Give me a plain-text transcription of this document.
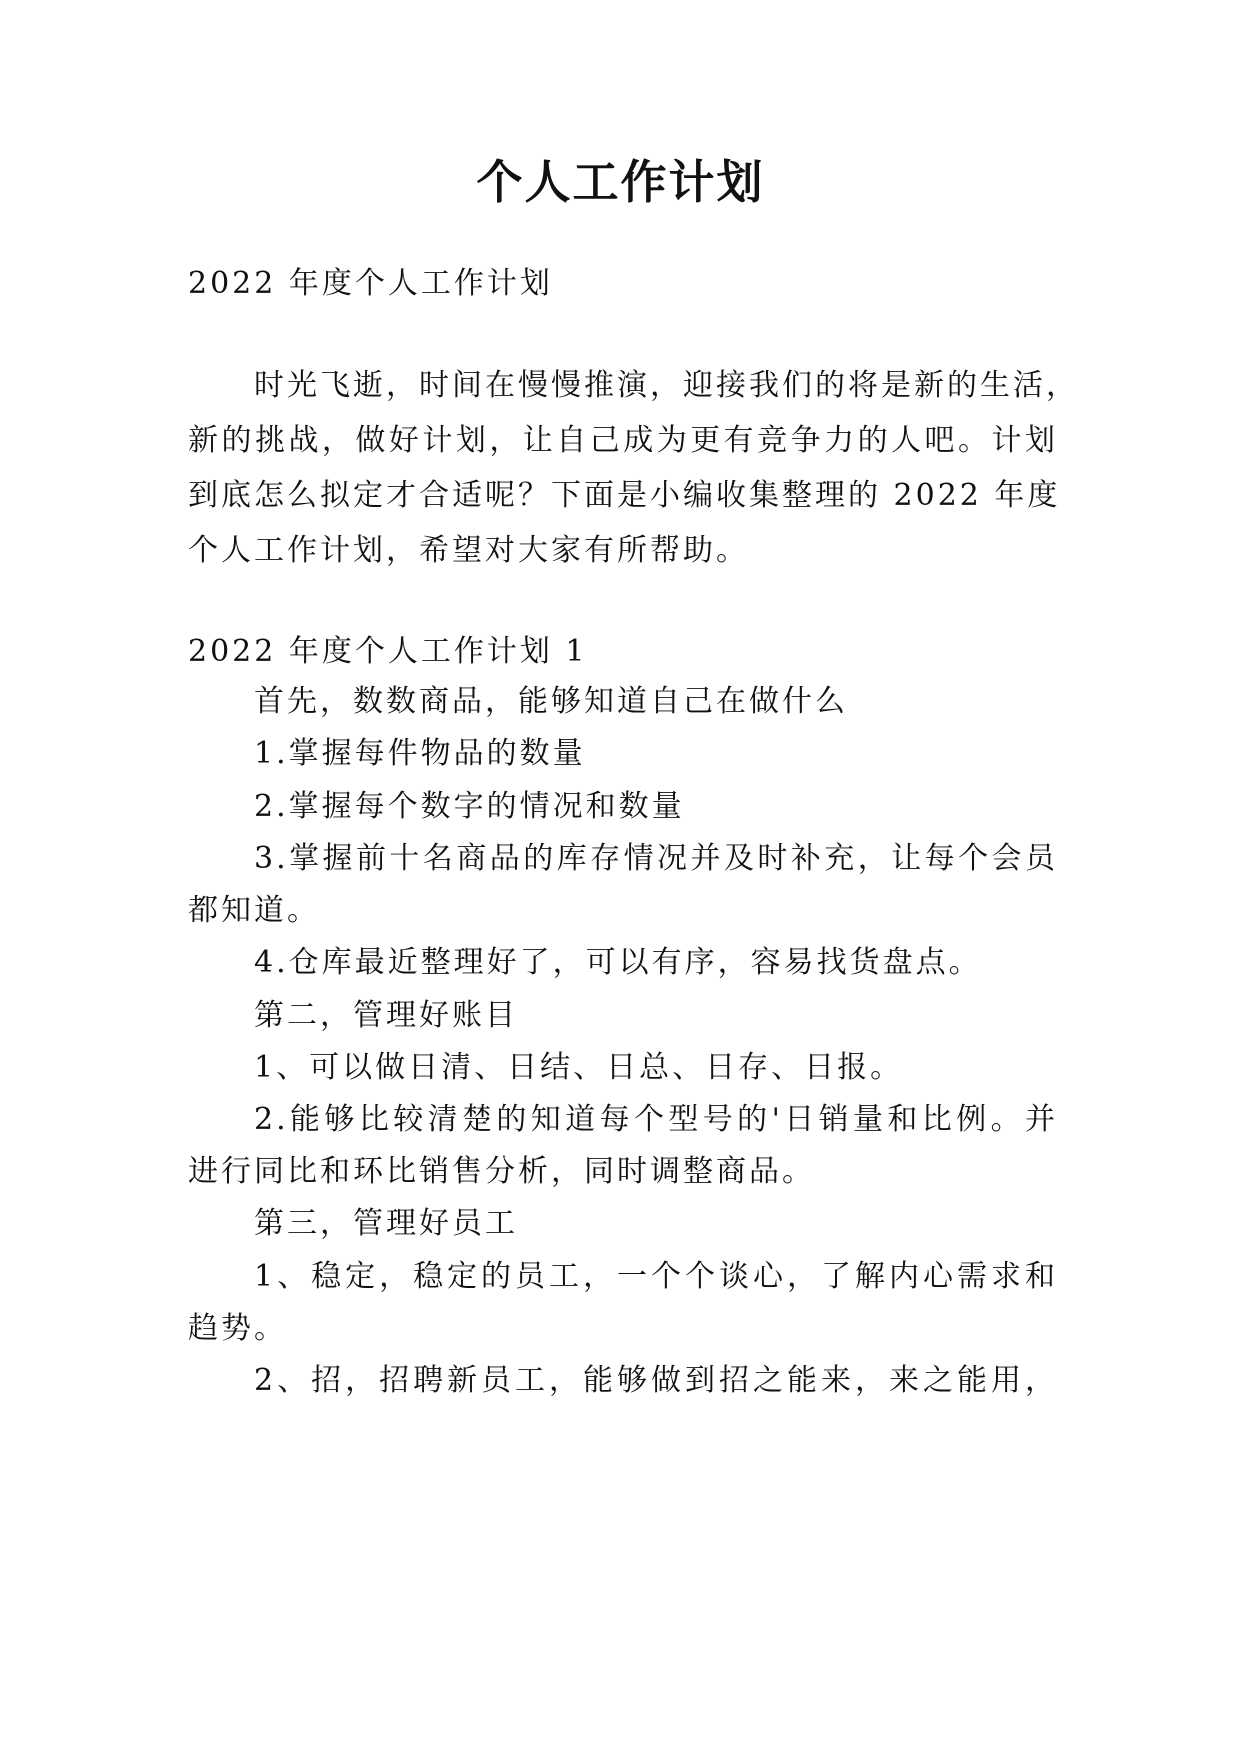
个人工作计划

2022 年度个人工作计划

时光飞逝，时间在慢慢推演，迎接我们的将是新的生活，

新的挑战，做好计划，让自己成为更有竞争力的人吧。计划

到底怎么拟定才合适呢？下面是小编收集整理的 2022 年度

个人工作计划，希望对大家有所帮助。

2022 年度个人工作计划 1

首先，数数商品，能够知道自己在做什么

1.掌握每件物品的数量

2.掌握每个数字的情况和数量

3.掌握前十名商品的库存情况并及时补充，让每个会员

都知道。

4.仓库最近整理好了，可以有序，容易找货盘点。

第二，管理好账目

1、可以做日清、日结、日总、日存、日报。

2.能够比较清楚的知道每个型号的'日销量和比例。并

进行同比和环比销售分析，同时调整商品。

第三，管理好员工

1、稳定，稳定的员工，一个个谈心，了解内心需求和

趋势。

2、招，招聘新员工，能够做到招之能来，来之能用，
